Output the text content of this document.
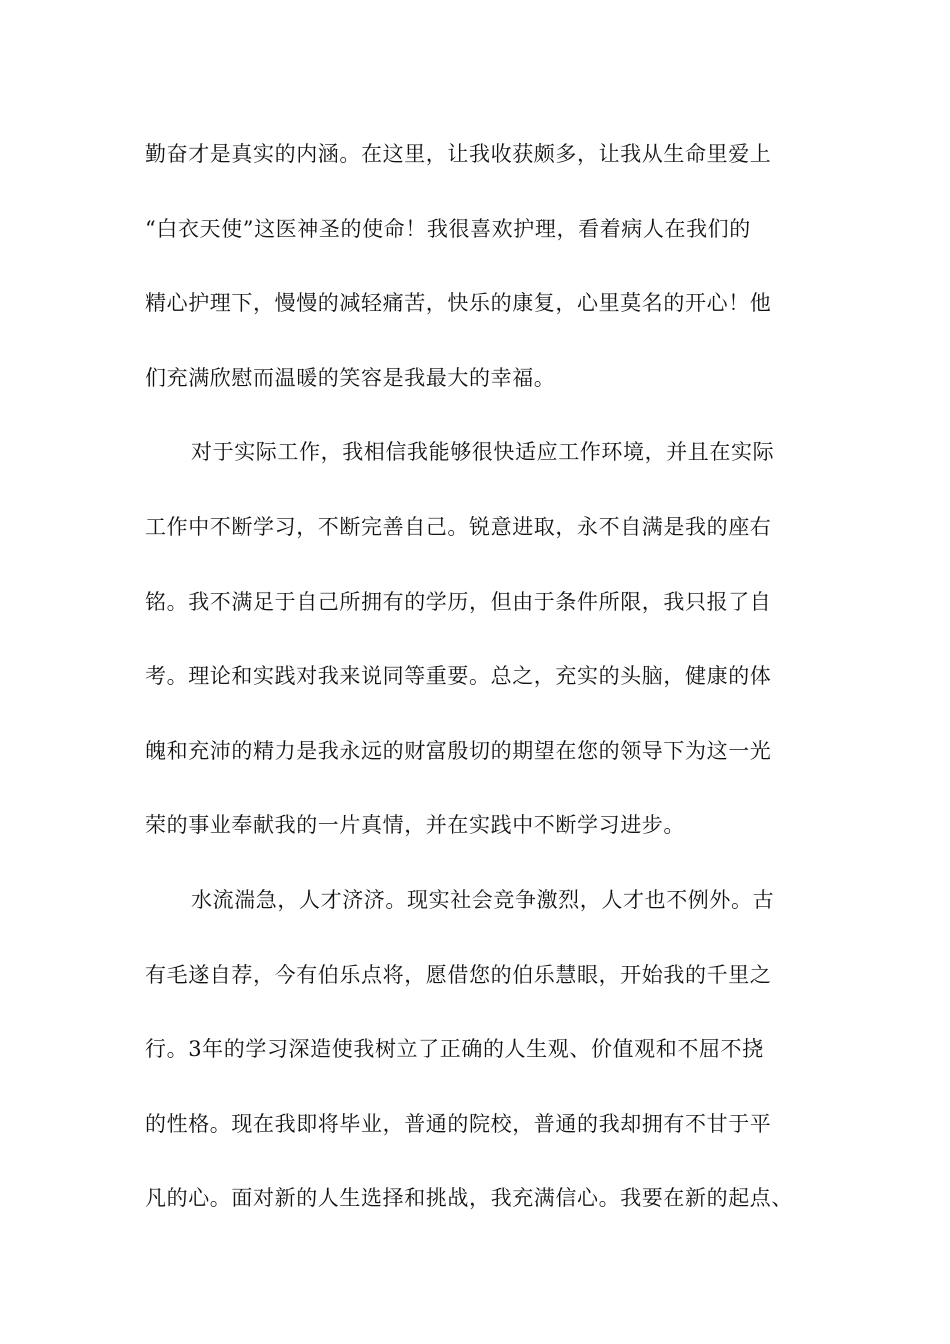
勤奋才是真实的内涵。在这里，让我收获颇多，让我从生命里爱上
“白衣天使”这医神圣的使命！我很喜欢护理，看着病人在我们的
精心护理下，慢慢的减轻痛苦，快乐的康复，心里莫名的开心！他
们充满欣慰而温暖的笑容是我最大的幸福。
对于实际工作，我相信我能够很快适应工作环境，并且在实际
工作中不断学习，不断完善自己。锐意进取，永不自满是我的座右
铭。我不满足于自己所拥有的学历，但由于条件所限，我只报了自
考。理论和实践对我来说同等重要。总之，充实的头脑，健康的体
魄和充沛的精力是我永远的财富殷切的期望在您的领导下为这一光
荣的事业奉献我的一片真情，并在实践中不断学习进步。
水流湍急，人才济济。现实社会竞争激烈，人才也不例外。古
有毛遂自荐，今有伯乐点将，愿借您的伯乐慧眼，开始我的千里之
行。3年的学习深造使我树立了正确的人生观、价值观和不屈不挠
的性格。现在我即将毕业，普通的院校，普通的我却拥有不甘于平
凡的心。面对新的人生选择和挑战，我充满信心。我要在新的起点、
